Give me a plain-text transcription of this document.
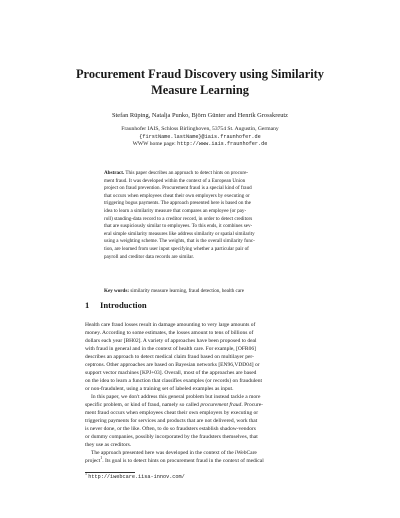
Procurement Fraud Discovery using Similarity
Measure Learning
Stefan Rüping, Natalja Punko, Björn Günter and Henrik Grosskreutz
Fraunhofer IAIS, Schloss Birlinghoven, 53754 St. Augustin, Germany
{firstName.lastName}@iais.fraunhofer.de
WWW home page: http://www.iais.fraunhofer.de
Abstract. This paper describes an approach to detect hints on procure-
ment fraud. It was developed within the context of a European Union
project on fraud prevention. Procurement fraud is a special kind of fraud
that occurs when employees cheat their own employers by executing or
triggering bogus payments. The approach presented here is based on the
idea to learn a similarity measure that compares an employee (or pay-
roll) standing-data record to a creditor record, in order to detect creditors
that are suspiciously similar to employees. To this ends, it combines sev-
eral simple similarity measures like address similarity or spatial similarity
using a weighting scheme. The weights, that is the overall similarity func-
tion, are learned from user input specifying whether a particular pair of
payroll and creditor data records are similar.
Key words: similarity measure learning, fraud detection, health care
1 Introduction
Health care fraud losses result in damage amounting to very large amounts of
money. According to some estimates, the losses amount to tens of billions of
dollars each year [BH02]. A variety of approaches have been proposed to deal
with fraud in general and in the context of health care. For example, [OFR06]
describes an approach to detect medical claim fraud based on multilayer per-
ceptrons. Other approaches are based on Bayesian networks [EN96,VDD04] or
support vector machines [KPJ+03]. Overall, most of the approaches are based
on the idea to learn a function that classifies examples (or records) on fraudulent
or non-fraudulent, using a training set of labeled examples as input.
In this paper, we don't address this general problem but instead tackle a more
specific problem, or kind of fraud, namely so called procurement fraud. Procure-
ment fraud occurs when employees cheat their own employers by executing or
triggering payments for services and products that are not delivered, work that
is never done, or the like. Often, to do so fraudsters establish shadow-vendors
or dummy companies, possibly incorporated by the fraudsters themselves, that
they use as creditors.
The approach presented here was developed in the context of the iWebCare
project$^1$. Its goal is to detect hints on procurement fraud in the context of medical
$^1$ http://iwebcare.iisa-innov.com/
